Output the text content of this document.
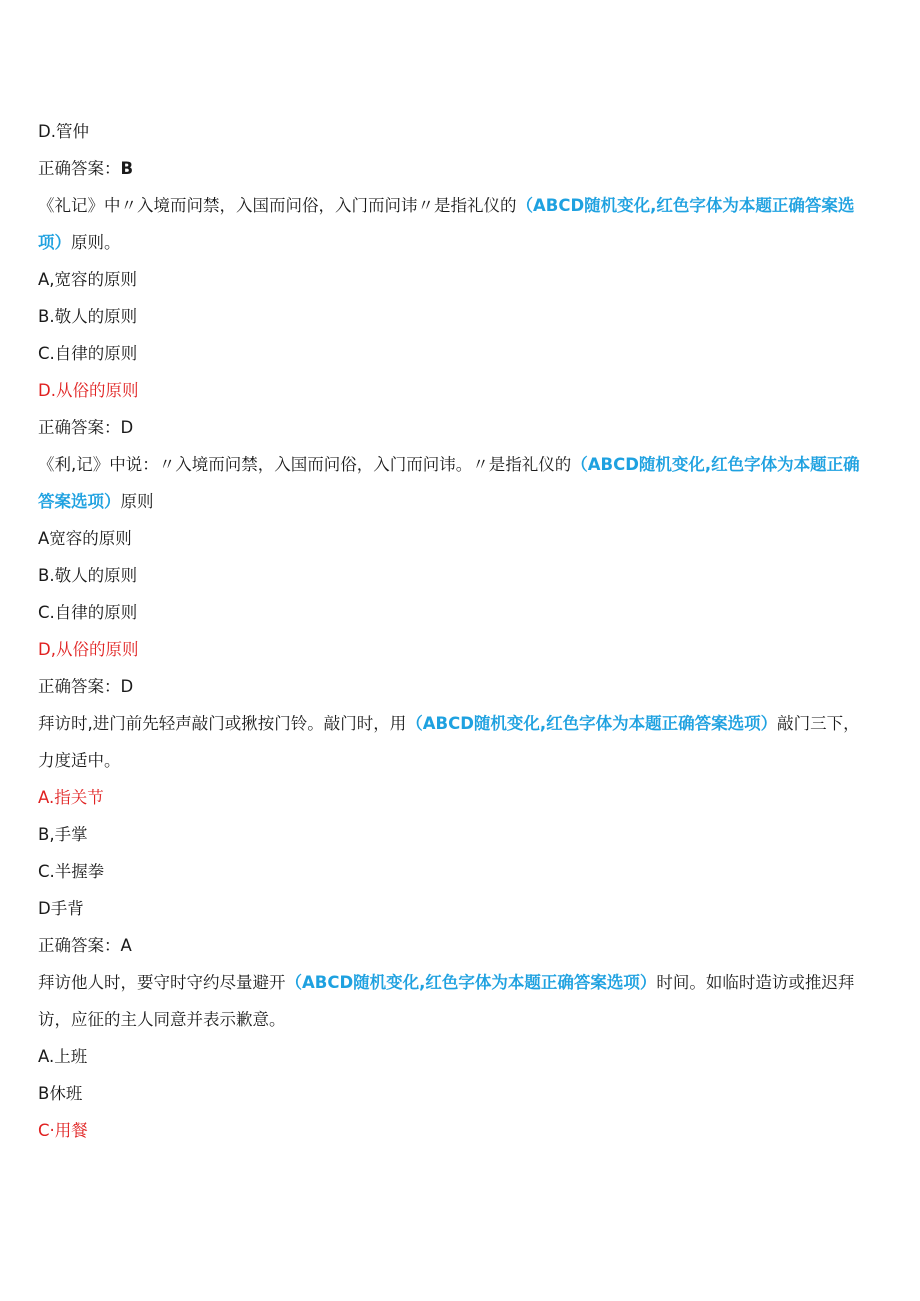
D.管仲
正确答案：B
《礼记》中〃入境而问禁，入国而问俗，入门而问讳〃是指礼仪的（ABCD随机变化,红色字体为本题正确答案选
项）原则。
A,宽容的原则
B.敬人的原则
C.自律的原则
D.从俗的原则
正确答案：D
《利,记》中说：〃入境而问禁，入国而问俗，入门而问讳。〃是指礼仪的（ABCD随机变化,红色字体为本题正确
答案选项）原则
A宽容的原则
B.敬人的原则
C.自律的原则
D,从俗的原则
正确答案：D
拜访时,进门前先轻声敲门或揪按门铃。敲门时，用（ABCD随机变化,红色字体为本题正确答案选项）敲门三下，
力度适中。
A.指关节
B,手掌
C.半握拳
D手背
正确答案：A
拜访他人时，要守时守约尽量避开（ABCD随机变化,红色字体为本题正确答案选项）时间。如临时造访或推迟拜
访，应征的主人同意并表示歉意。
A.上班
B休班
C·用餐
